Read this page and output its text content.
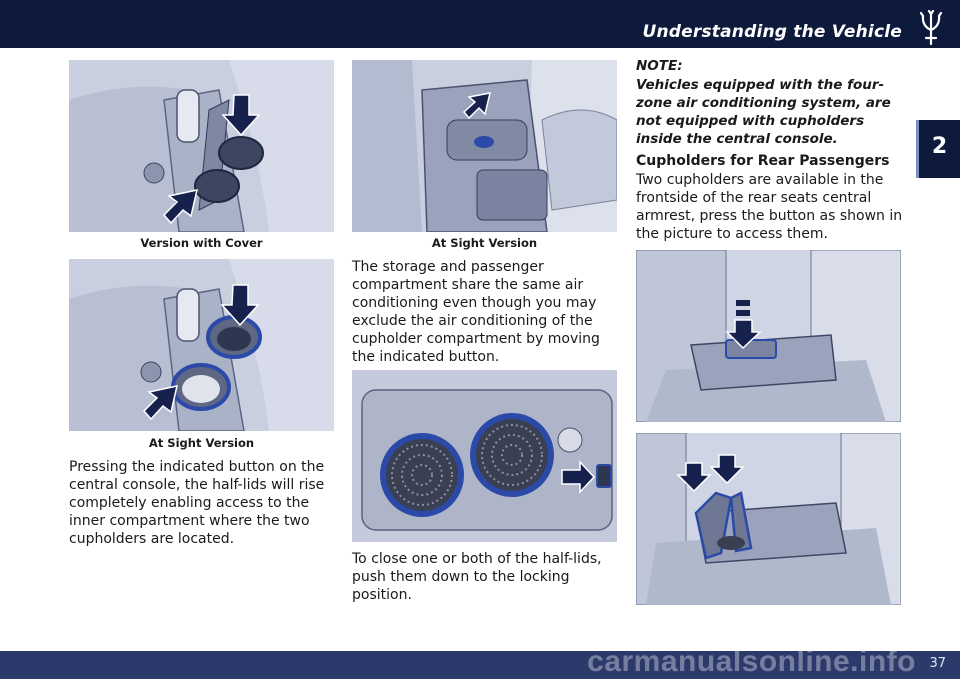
Understanding the Vehicle
2
Version with Cover
At Sight Version
Pressing the indicated button on the central console, the half-lids will rise completely enabling access to the inner compartment where the two cupholders are located.
At Sight Version
The storage and passenger compartment share the same air conditioning even though you may exclude the air conditioning of the cupholder compartment by moving the indicated button.
To close one or both of the half-lids, push them down to the locking position.
NOTE:
Vehicles equipped with the four-zone air conditioning system, are not equipped with cupholders inside the central console.
Cupholders for Rear Passengers
Two cupholders are available in the frontside of the rear seats central armrest, press the button as shown in the picture to access them.
carmanualsonline.info 37
